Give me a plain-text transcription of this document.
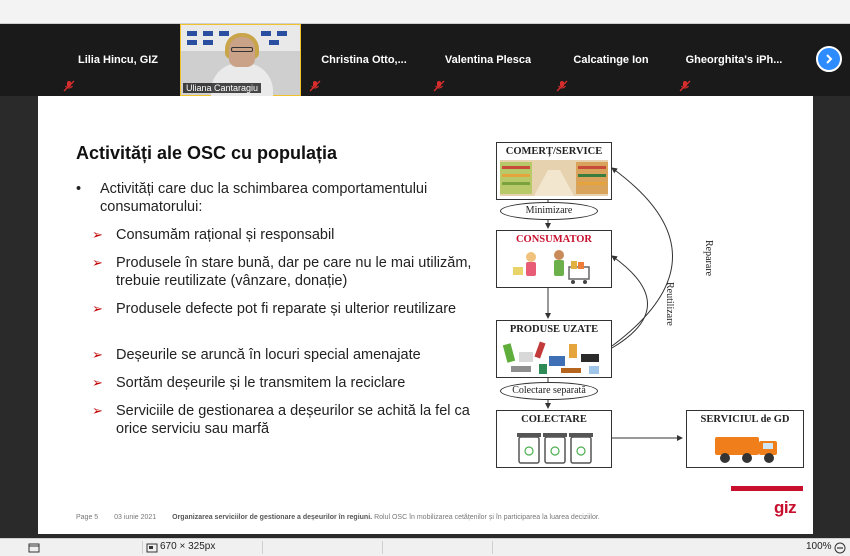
Lilia Hincu, GIZ
Uliana Cantaragiu
Christina Otto,...	Valentina Plesca	Calcatinge Ion	Gheorghita's iPh...
Activități ale OSC cu populația
•	Activități care duc la schimbarea comportamentului consumatorului:
➢ Consumăm rațional și responsabil
➢ Produsele în stare bună, dar pe care nu le mai utilizăm, trebuie reutilizate (vânzare, donație)
➢ Produsele defecte pot fi reparate și ulterior reutilizare
➢ Deșeurile se aruncă în locuri special amenajate
➢ Sortăm deșeurile și le transmitem la reciclare
➢ Serviciile de gestionarea a deșeurilor se achită la fel ca orice serviciu sau marfă
COMERȚ/SERVICE
Minimizare
CONSUMATOR
PRODUSE UZATE
Colectare separată
COLECTARE	SERVICIUL de GD
Reparare
Reutilizare
giz
Page 5 03 iunie 2021 Organizarea serviciilor de gestionare a deșeurilor în regiuni. Rolul OSC în mobilizarea cetățenilor și în participarea la luarea deciziilor.
670 × 325px	100%
